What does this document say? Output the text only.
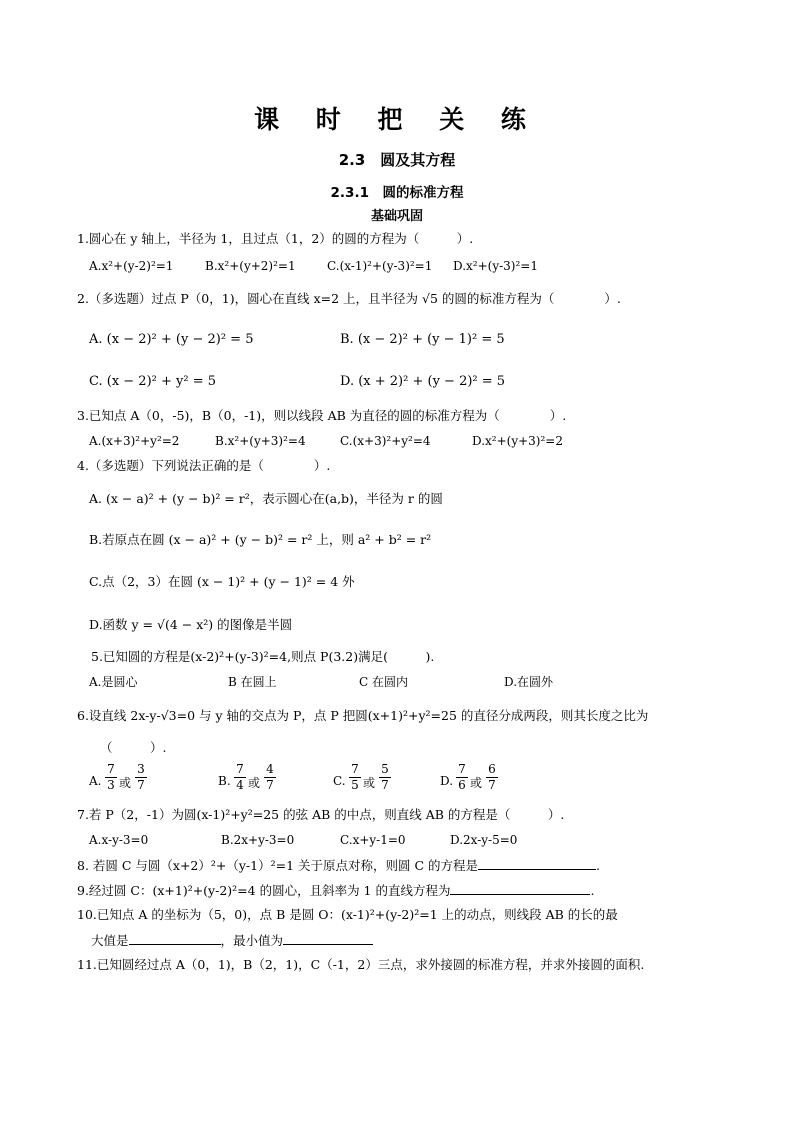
课 时 把 关 练
2.3　圆及其方程
2.3.1　圆的标准方程
基础巩固
1.圆心在 y 轴上，半径为 1，且过点（1，2）的圆的方程为（　　　）.
A.x²+(y-2)²=1	B.x²+(y+2)²=1	C.(x-1)²+(y-3)²=1 D.x²+(y-3)²=1
2.（多选题）过点 P（0，1)，圆心在直线 x=2 上，且半径为 √5 的圆的标准方程为（　　　　）.
A. (x − 2)² + (y − 2)² = 5	B. (x − 2)² + (y − 1)² = 5
C. (x − 2)² + y² = 5	D. (x + 2)² + (y − 2)² = 5
3.已知点 A（0，-5)，B（0，-1)，则以线段 AB 为直径的圆的标准方程为（　　　　）.
A.(x+3)²+y²=2	B.x²+(y+3)²=4	C.(x+3)²+y²=4	D.x²+(y+3)²=2
4.（多选题）下列说法正确的是（　　　　）.
A. (x − a)² + (y − b)² = r²，表示圆心在(a,b)，半径为 r 的圆
B.若原点在圆 (x − a)² + (y − b)² = r² 上，则 a² + b² = r²
C.点（2，3）在圆 (x − 1)² + (y − 1)² = 4 外
D.函数 y = √(4 − x²) 的图像是半圆
5.已知圆的方程是(x-2)²+(y-3)²=4,则点 P(3.2)满足(　　　).
A.是圆心	B 在圆上	C 在圆内	D.在圆外
6.设直线 2x-y-√3=0 与 y 轴的交点为 P，点 P 把圆(x+1)²+y²=25 的直径分成两段，则其长度之比为
（　　　）.
A. $\frac{7}{3}$ 或 $\frac{3}{7}$	B. $\frac{7}{4}$ 或 $\frac{4}{7}$	C. $\frac{7}{5}$ 或 $\frac{5}{7}$	D. $\frac{7}{6}$ 或 $\frac{6}{7}$
7.若 P（2，-1）为圆(x-1)²+y²=25 的弦 AB 的中点，则直线 AB 的方程是（　　　）.
A.x-y-3=0	B.2x+y-3=0	C.x+y-1=0	D.2x-y-5=0
8. 若圆 C 与圆（x+2）²+（y-1）²=1 关于原点对称，则圆 C 的方程是	.
9.经过圆 C：(x+1)²+(y-2)²=4 的圆心，且斜率为 1 的直线方程为	.
10.已知点 A 的坐标为（5，0)，点 B 是圆 O：(x-1)²+(y-2)²=1 上的动点，则线段 AB 的长的最
大值是	，最小值为
11.已知圆经过点 A（0，1)，B（2，1)，C（-1，2）三点，求外接圆的标准方程，并求外接圆的面积.
